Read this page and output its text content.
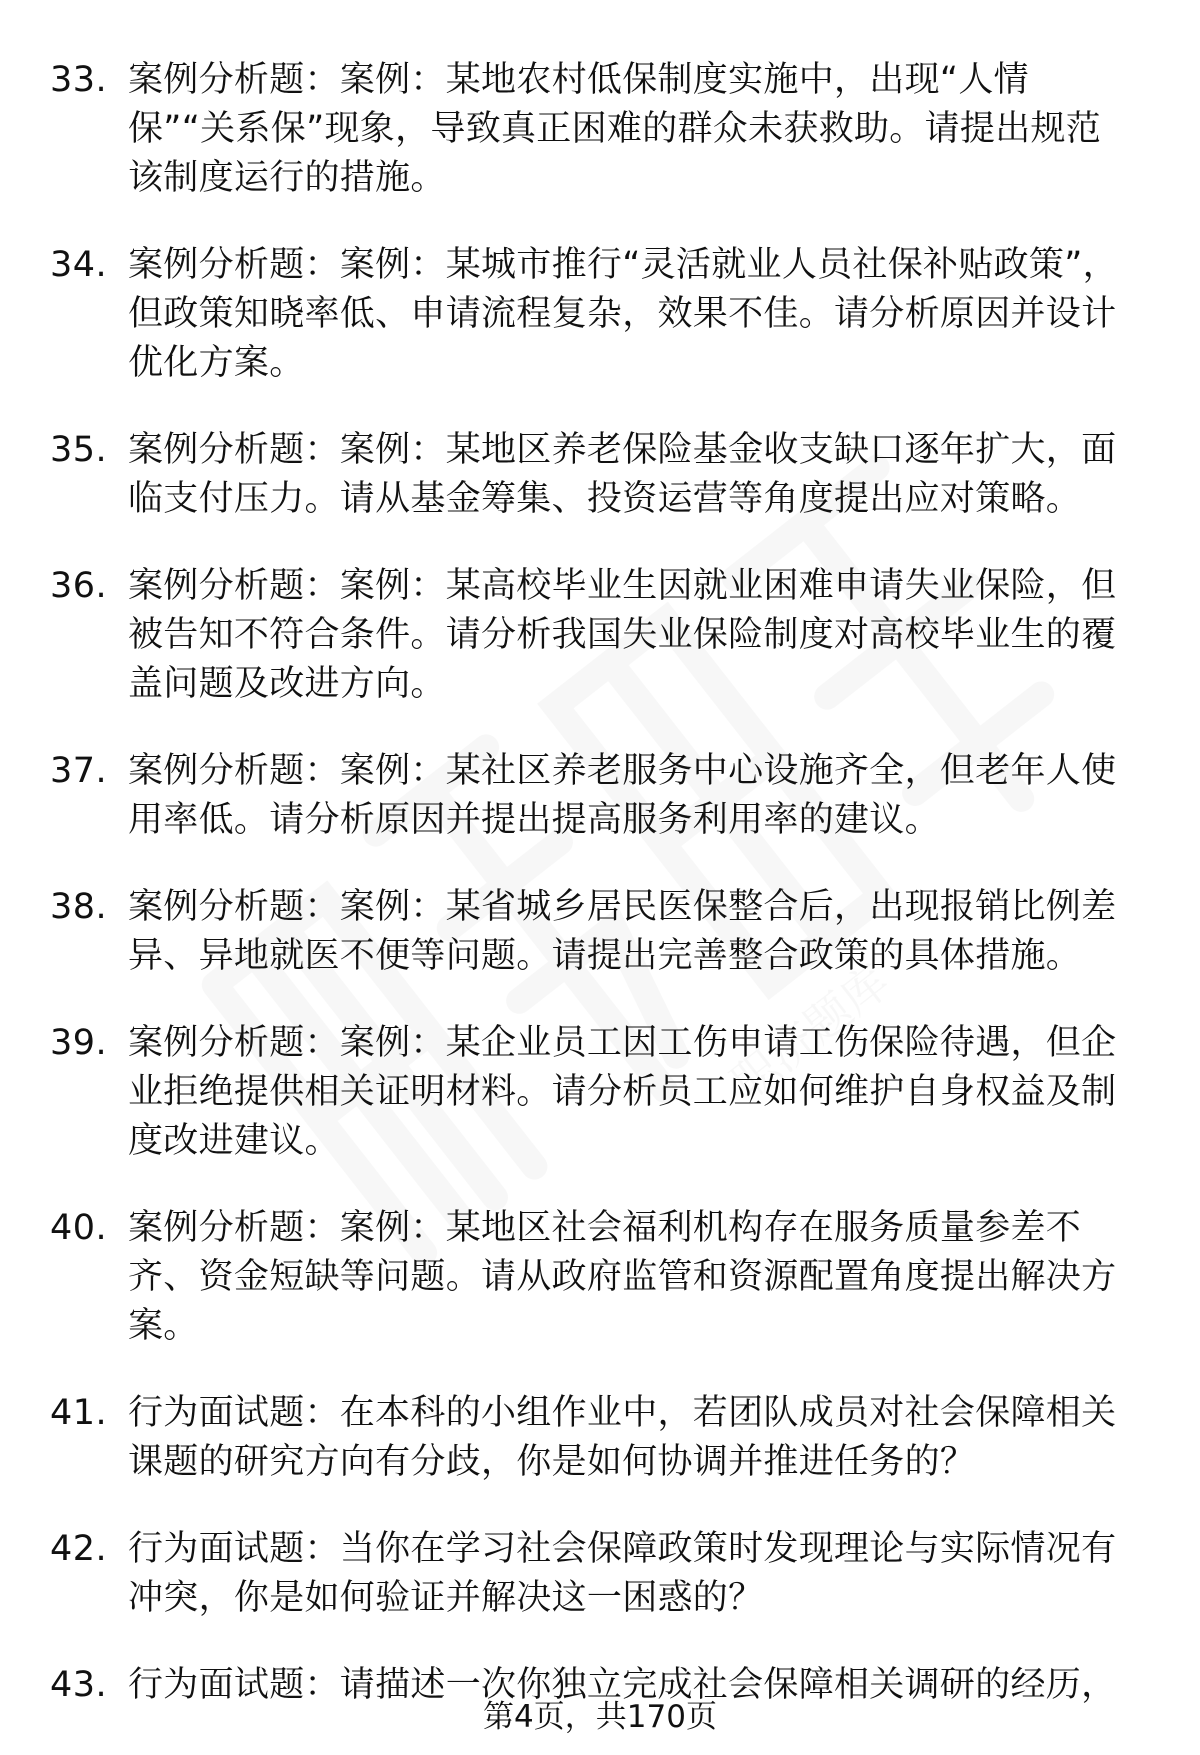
职济题库
33. 案例分析题：案例：某地农村低保制度实施中，出现“人情保”“关系保”现象，导致真正困难的群众未获救助。请提出规范该制度运行的措施。
34. 案例分析题：案例：某城市推行“灵活就业人员社保补贴政策”，但政策知晓率低、申请流程复杂，效果不佳。请分析原因并设计优化方案。
35. 案例分析题：案例：某地区养老保险基金收支缺口逐年扩大，面临支付压力。请从基金筹集、投资运营等角度提出应对策略。
36. 案例分析题：案例：某高校毕业生因就业困难申请失业保险，但被告知不符合条件。请分析我国失业保险制度对高校毕业生的覆盖问题及改进方向。
37. 案例分析题：案例：某社区养老服务中心设施齐全，但老年人使用率低。请分析原因并提出提高服务利用率的建议。
38. 案例分析题：案例：某省城乡居民医保整合后，出现报销比例差异、异地就医不便等问题。请提出完善整合政策的具体措施。
39. 案例分析题：案例：某企业员工因工伤申请工伤保险待遇，但企业拒绝提供相关证明材料。请分析员工应如何维护自身权益及制度改进建议。
40. 案例分析题：案例：某地区社会福利机构存在服务质量参差不齐、资金短缺等问题。请从政府监管和资源配置角度提出解决方案。
41. 行为面试题：在本科的小组作业中，若团队成员对社会保障相关课题的研究方向有分歧，你是如何协调并推进任务的？
42. 行为面试题：当你在学习社会保障政策时发现理论与实际情况有冲突，你是如何验证并解决这一困惑的？
43. 行为面试题：请描述一次你独立完成社会保障相关调研的经历，
第4页，共170页
